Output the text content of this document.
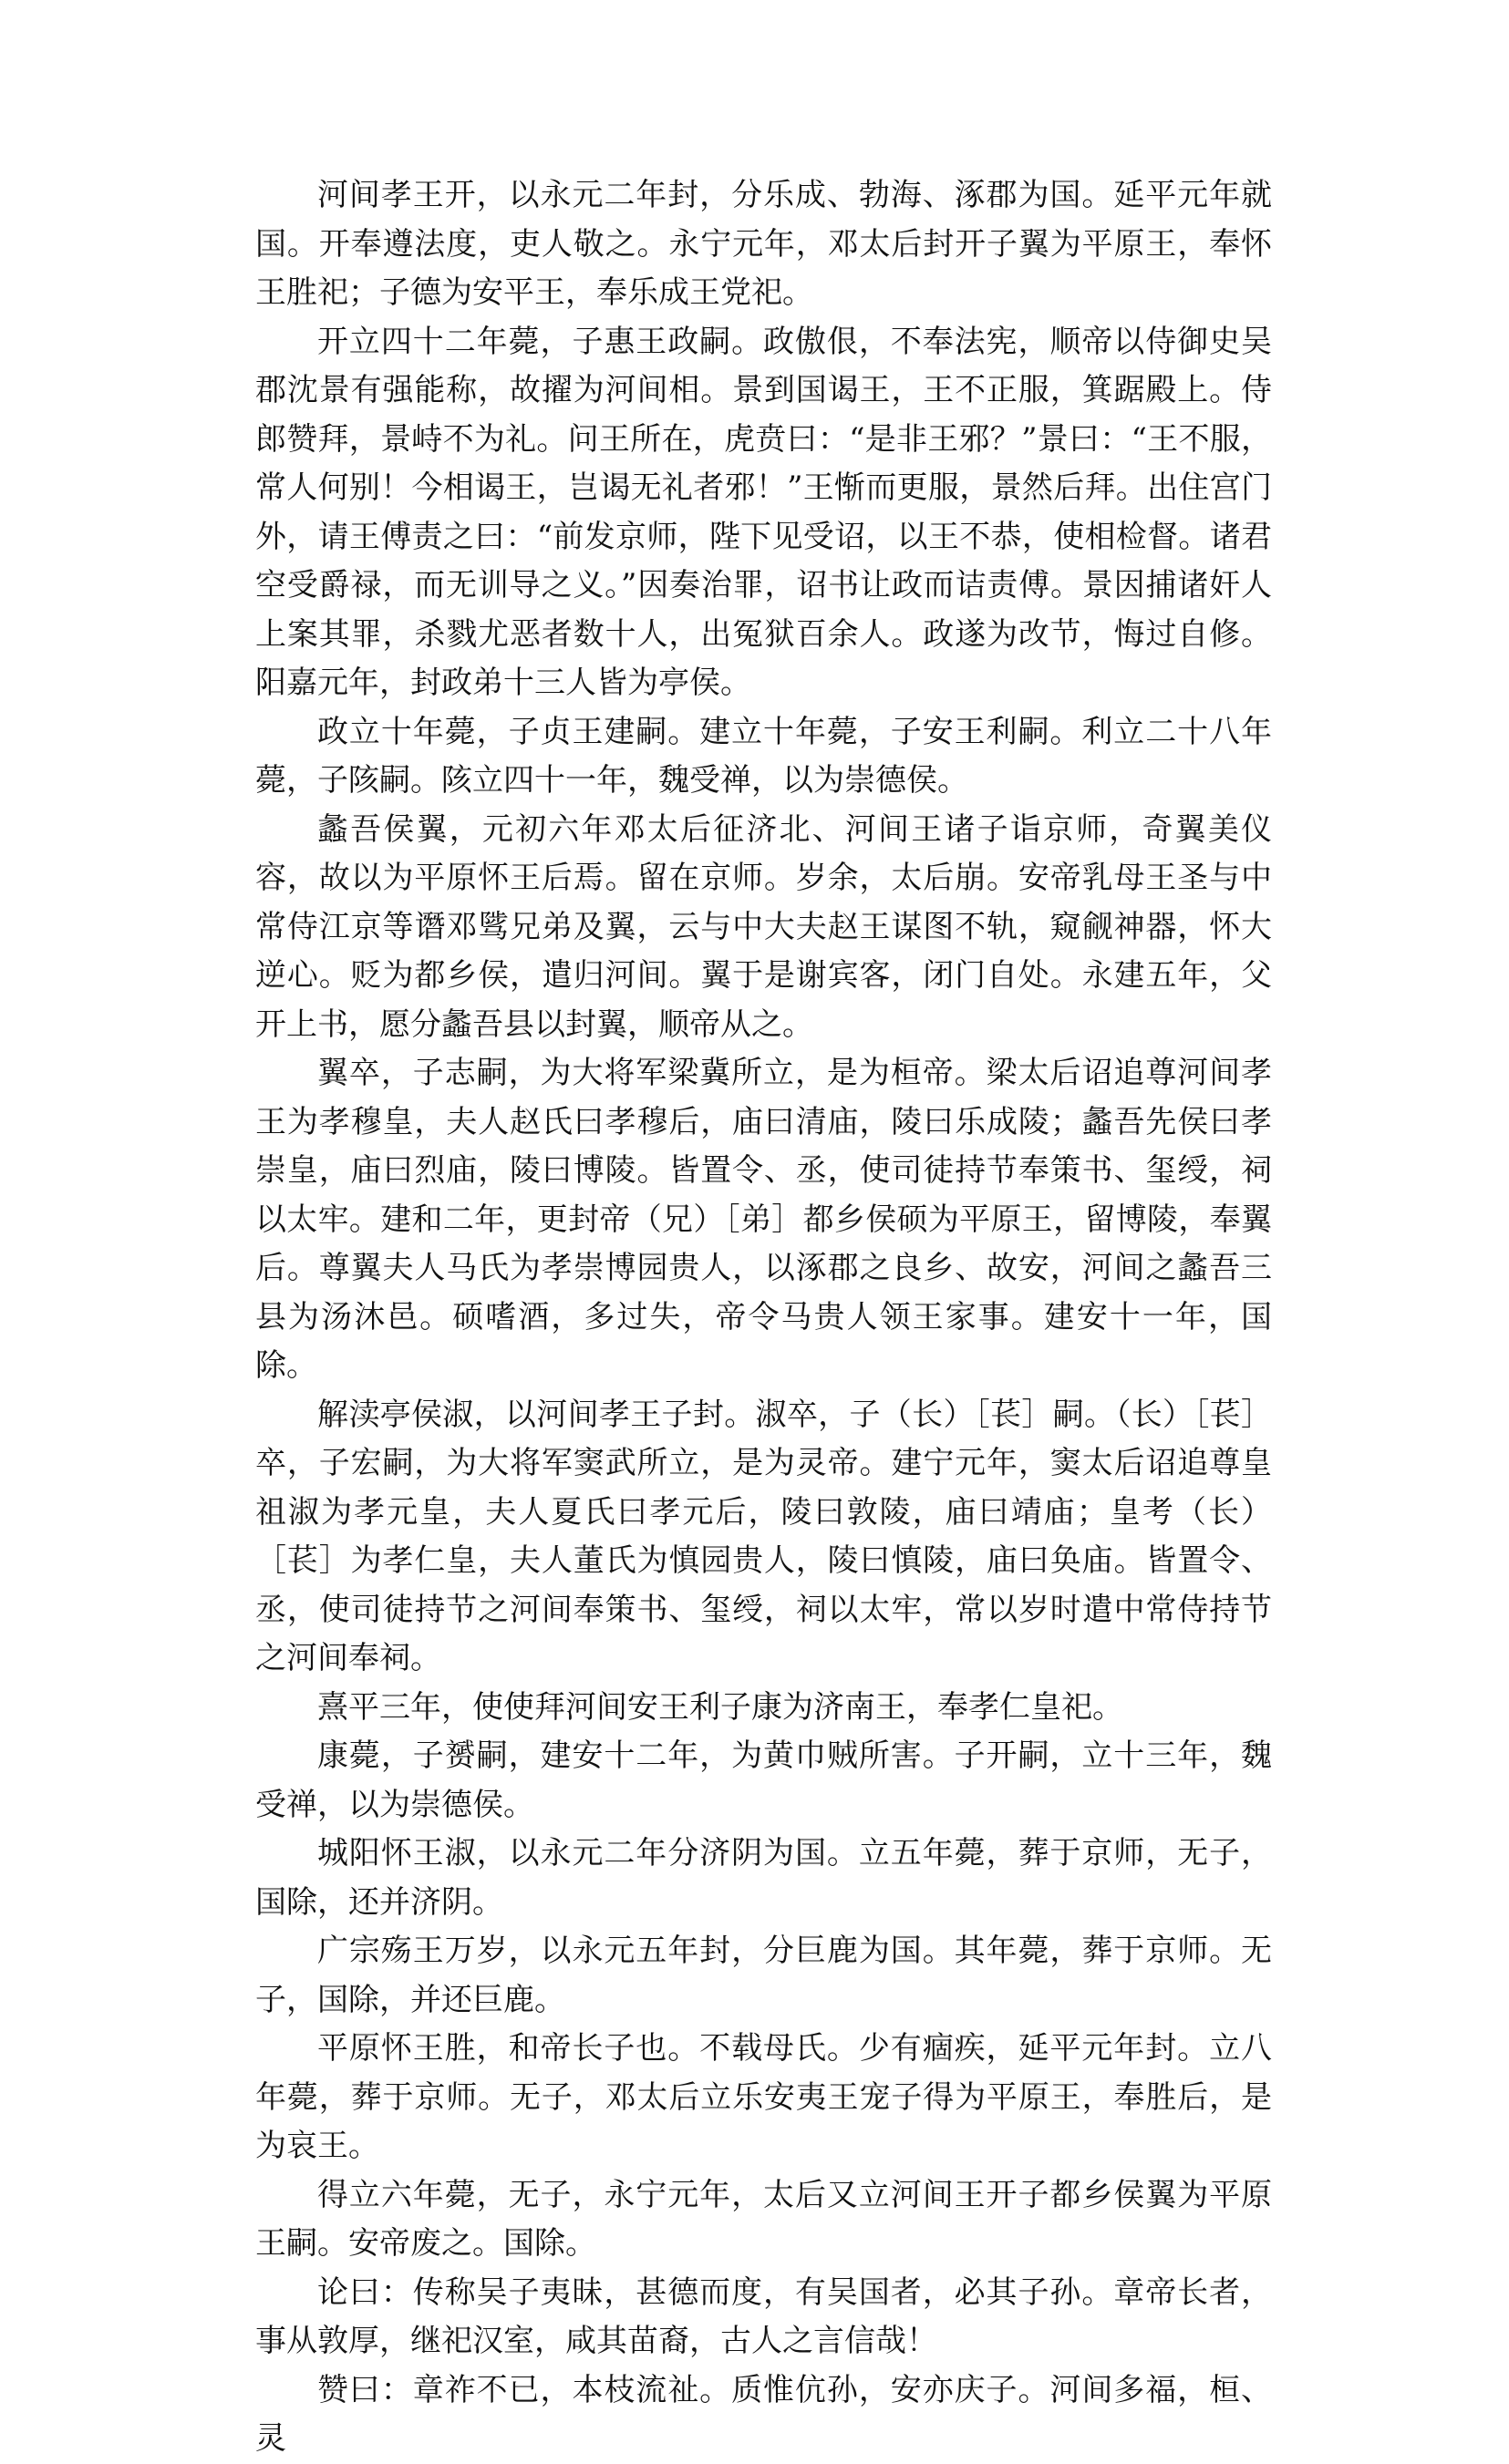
河间孝王开，以永元二年封，分乐成、勃海、涿郡为国。延平元年就国。开奉遵法度，吏人敬之。永宁元年，邓太后封开子翼为平原王，奉怀王胜祀；子德为安平王，奉乐成王党祀。

开立四十二年薨，子惠王政嗣。政傲佷，不奉法宪，顺帝以侍御史吴郡沈景有强能称，故擢为河间相。景到国谒王，王不正服，箕踞殿上。侍郎赞拜，景峙不为礼。问王所在，虎贲曰：“是非王邪？”景曰：“王不服，常人何别！今相谒王，岂谒无礼者邪！”王惭而更服，景然后拜。出住宫门外，请王傅责之曰：“前发京师，陛下见受诏，以王不恭，使相检督。诸君空受爵禄，而无训导之义。”因奏治罪，诏书让政而诘责傅。景因捕诸奸人上案其罪，杀戮尤恶者数十人，出冤狱百余人。政遂为改节，悔过自修。阳嘉元年，封政弟十三人皆为亭侯。

政立十年薨，子贞王建嗣。建立十年薨，子安王利嗣。利立二十八年薨，子陔嗣。陔立四十一年，魏受禅，以为崇德侯。

蠡吾侯翼，元初六年邓太后征济北、河间王诸子诣京师，奇翼美仪容，故以为平原怀王后焉。留在京师。岁余，太后崩。安帝乳母王圣与中常侍江京等谮邓骘兄弟及翼，云与中大夫赵王谋图不轨，窥觎神器，怀大逆心。贬为都乡侯，遣归河间。翼于是谢宾客，闭门自处。永建五年，父开上书，愿分蠡吾县以封翼，顺帝从之。

翼卒，子志嗣，为大将军梁冀所立，是为桓帝。梁太后诏追尊河间孝王为孝穆皇，夫人赵氏曰孝穆后，庙曰清庙，陵曰乐成陵；蠡吾先侯曰孝崇皇，庙曰烈庙，陵曰博陵。皆置令、丞，使司徒持节奉策书、玺绶，祠以太牢。建和二年，更封帝（兄）［弟］都乡侯硕为平原王，留博陵，奉翼后。尊翼夫人马氏为孝崇博园贵人，以涿郡之良乡、故安，河间之蠡吾三县为汤沐邑。硕嗜酒，多过失，帝令马贵人领王家事。建安十一年，国除。

解渎亭侯淑，以河间孝王子封。淑卒，子（长）［苌］嗣。（长）［苌］卒，子宏嗣，为大将军窦武所立，是为灵帝。建宁元年，窦太后诏追尊皇祖淑为孝元皇，夫人夏氏曰孝元后，陵曰敦陵，庙曰靖庙；皇考（长）［苌］为孝仁皇，夫人董氏为慎园贵人，陵曰慎陵，庙曰奂庙。皆置令、丞，使司徒持节之河间奉策书、玺绶，祠以太牢，常以岁时遣中常侍持节之河间奉祠。

熹平三年，使使拜河间安王利子康为济南王，奉孝仁皇祀。

康薨，子赟嗣，建安十二年，为黄巾贼所害。子开嗣，立十三年，魏受禅，以为崇德侯。

城阳怀王淑，以永元二年分济阴为国。立五年薨，葬于京师，无子，国除，还并济阴。

广宗殇王万岁，以永元五年封，分巨鹿为国。其年薨，葬于京师。无子，国除，并还巨鹿。

平原怀王胜，和帝长子也。不载母氏。少有痼疾，延平元年封。立八年薨，葬于京师。无子，邓太后立乐安夷王宠子得为平原王，奉胜后，是为哀王。

得立六年薨，无子，永宁元年，太后又立河间王开子都乡侯翼为平原王嗣。安帝废之。国除。

论曰：传称吴子夷昧，甚德而度，有吴国者，必其子孙。章帝长者，事从敦厚，继祀汉室，咸其苗裔，古人之言信哉！

赞曰：章祚不已，本枝流祉。质惟伉孙，安亦庆子。河间多福，桓、灵
